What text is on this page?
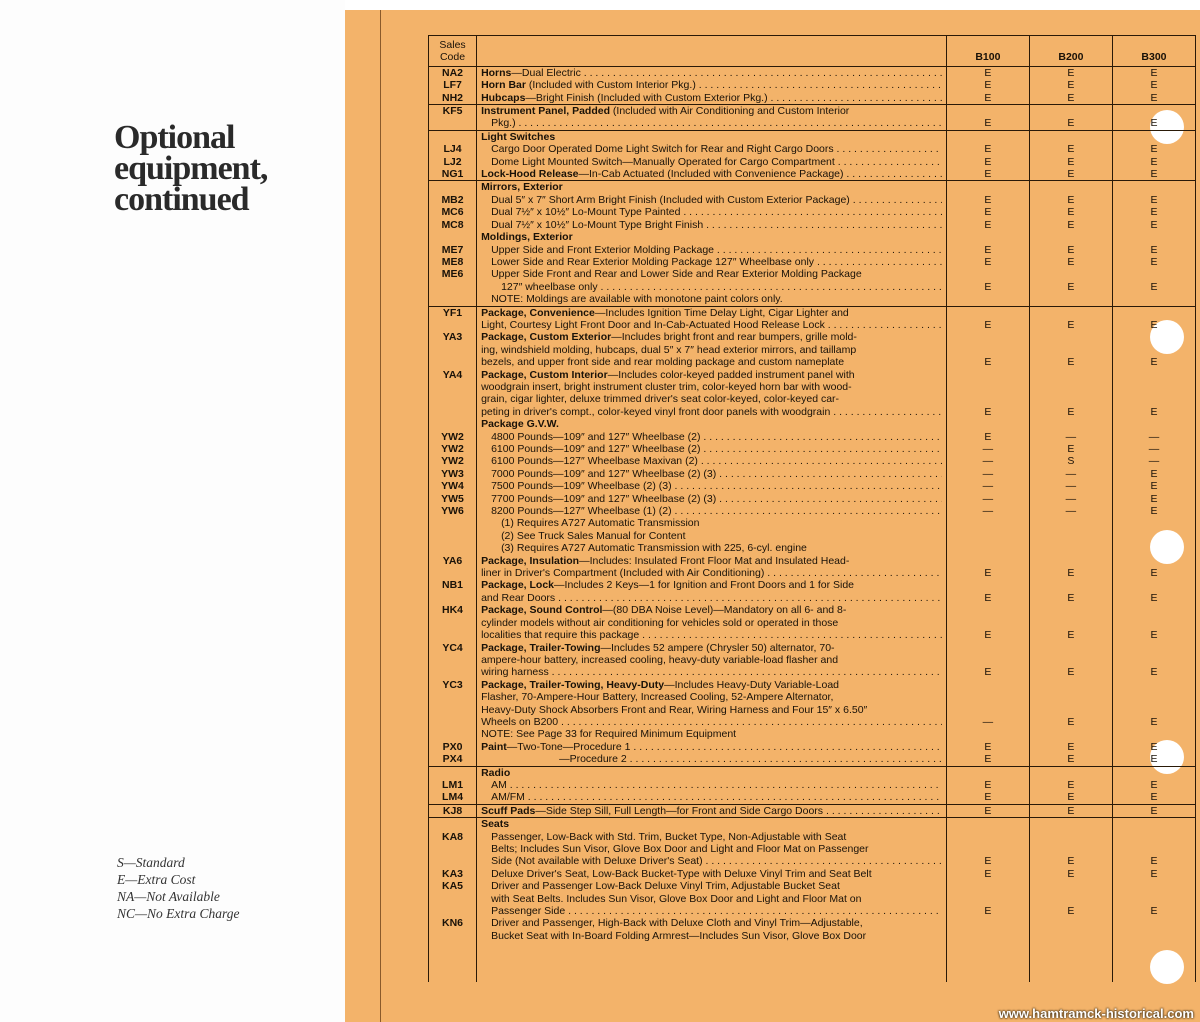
Optional
equipment,
continued
S—Standard
E—Extra Cost
NA—Not Available
NC—No Extra Charge
Sales
Code		B100	B200	B300
NA2	Horns—Dual Electric . . .	E	E	E
LF7	Horn Bar (Included with Custom Interior Pkg.) . . .	E	E	E
NH2	Hubcaps—Bright Finish (Included with Custom Exterior Pkg.) . . .	E	E	E
KF5	Instrument Panel, Padded (Included with Air Conditioning and Custom Interior			

	Pkg.) . . .	E	E	E

	Light Switches			

LJ4	Cargo Door Operated Dome Light Switch for Rear and Right Cargo Doors . . .	E	E	E
LJ2	Dome Light Mounted Switch—Manually Operated for Cargo Compartment . . .	E	E	E
NG1	Lock-Hood Release—In-Cab Actuated (Included with Convenience Package) . . .	E	E	E

	Mirrors, Exterior			

MB2	Dual 5″ x 7″ Short Arm Bright Finish (Included with Custom Exterior Package) . . .	E	E	E
MC6	Dual 7½″ x 10½″ Lo-Mount Type Painted . . .	E	E	E
MC8	Dual 7½″ x 10½″ Lo-Mount Type Bright Finish . . .	E	E	E

	Moldings, Exterior			

ME7	Upper Side and Front Exterior Molding Package . . .	E	E	E
ME8	Lower Side and Rear Exterior Molding Package 127″ Wheelbase only . . .	E	E	E
ME6	Upper Side Front and Rear and Lower Side and Rear Exterior Molding Package			

	127″ wheelbase only . . .	E	E	E

	NOTE: Moldings are available with monotone paint colors only.			

YF1	Package, Convenience—Includes Ignition Time Delay Light, Cigar Lighter and			

	Light, Courtesy Light Front Door and In-Cab-Actuated Hood Release Lock . . .	E	E	E
YA3	Package, Custom Exterior—Includes bright front and rear bumpers, grille mold-			

	ing, windshield molding, hubcaps, dual 5″ x 7″ head exterior mirrors, and taillamp			

	bezels, and upper front side and rear molding package and custom nameplate	E	E	E
YA4	Package, Custom Interior—Includes color-keyed padded instrument panel with			

	woodgrain insert, bright instrument cluster trim, color-keyed horn bar with wood-			

	grain, cigar lighter, deluxe trimmed driver's seat color-keyed, color-keyed car-			

	peting in driver's compt., color-keyed vinyl front door panels with woodgrain . . .	E	E	E

	Package G.V.W.			

YW2	4800 Pounds—109″ and 127″ Wheelbase (2) . . .	E	—	—
YW2	6100 Pounds—109″ and 127″ Wheelbase (2) . . .	—	E	—
YW2	6100 Pounds—127″ Wheelbase Maxivan (2) . . .	—	S	—
YW3	7000 Pounds—109″ and 127″ Wheelbase (2) (3) . . .	—	—	E
YW4	7500 Pounds—109″ Wheelbase (2) (3) . . .	—	—	E
YW5	7700 Pounds—109″ and 127″ Wheelbase (2) (3) . . .	—	—	E
YW6	8200 Pounds—127″ Wheelbase (1) (2) . . .	—	—	E

	(1) Requires A727 Automatic Transmission			

	(2) See Truck Sales Manual for Content			

	(3) Requires A727 Automatic Transmission with 225, 6-cyl. engine			

YA6	Package, Insulation—Includes: Insulated Front Floor Mat and Insulated Head-			

	liner in Driver's Compartment (Included with Air Conditioning) . . .	E	E	E
NB1	Package, Lock—Includes 2 Keys—1 for Ignition and Front Doors and 1 for Side			

	and Rear Doors . . .	E	E	E
HK4	Package, Sound Control—(80 DBA Noise Level)—Mandatory on all 6- and 8-			

	cylinder models without air conditioning for vehicles sold or operated in those			

	localities that require this package . . .	E	E	E
YC4	Package, Trailer-Towing—Includes 52 ampere (Chrysler 50) alternator, 70-			

	ampere-hour battery, increased cooling, heavy-duty variable-load flasher and			

	wiring harness . . .	E	E	E
YC3	Package, Trailer-Towing, Heavy-Duty—Includes Heavy-Duty Variable-Load			

	Flasher, 70-Ampere-Hour Battery, Increased Cooling, 52-Ampere Alternator,			

	Heavy-Duty Shock Absorbers Front and Rear, Wiring Harness and Four 15″ x 6.50″			

	Wheels on B200 . . .	—	E	E

	NOTE: See Page 33 for Required Minimum Equipment			

PX0	Paint—Two-Tone—Procedure 1 . . .	E	E	E
PX4	—Procedure 2 . . .	E	E	E

	Radio			

LM1	AM . . .	E	E	E
LM4	AM/FM . . .	E	E	E
KJ8	Scuff Pads—Side Step Sill, Full Length—for Front and Side Cargo Doors . . .	E	E	E

	Seats			

KA8	Passenger, Low-Back with Std. Trim, Bucket Type, Non-Adjustable with Seat			

	Belts; Includes Sun Visor, Glove Box Door and Light and Floor Mat on Passenger			

	Side (Not available with Deluxe Driver's Seat) . . .	E	E	E
KA3	Deluxe Driver's Seat, Low-Back Bucket-Type with Deluxe Vinyl Trim and Seat Belt	E	E	E
KA5	Driver and Passenger Low-Back Deluxe Vinyl Trim, Adjustable Bucket Seat			

	with Seat Belts. Includes Sun Visor, Glove Box Door and Light and Floor Mat on			

	Passenger Side . . .	E	E	E
KN6	Driver and Passenger, High-Back with Deluxe Cloth and Vinyl Trim—Adjustable,			

	Bucket Seat with In-Board Folding Armrest—Includes Sun Visor, Glove Box Door			

www.hamtramck-historical.com
